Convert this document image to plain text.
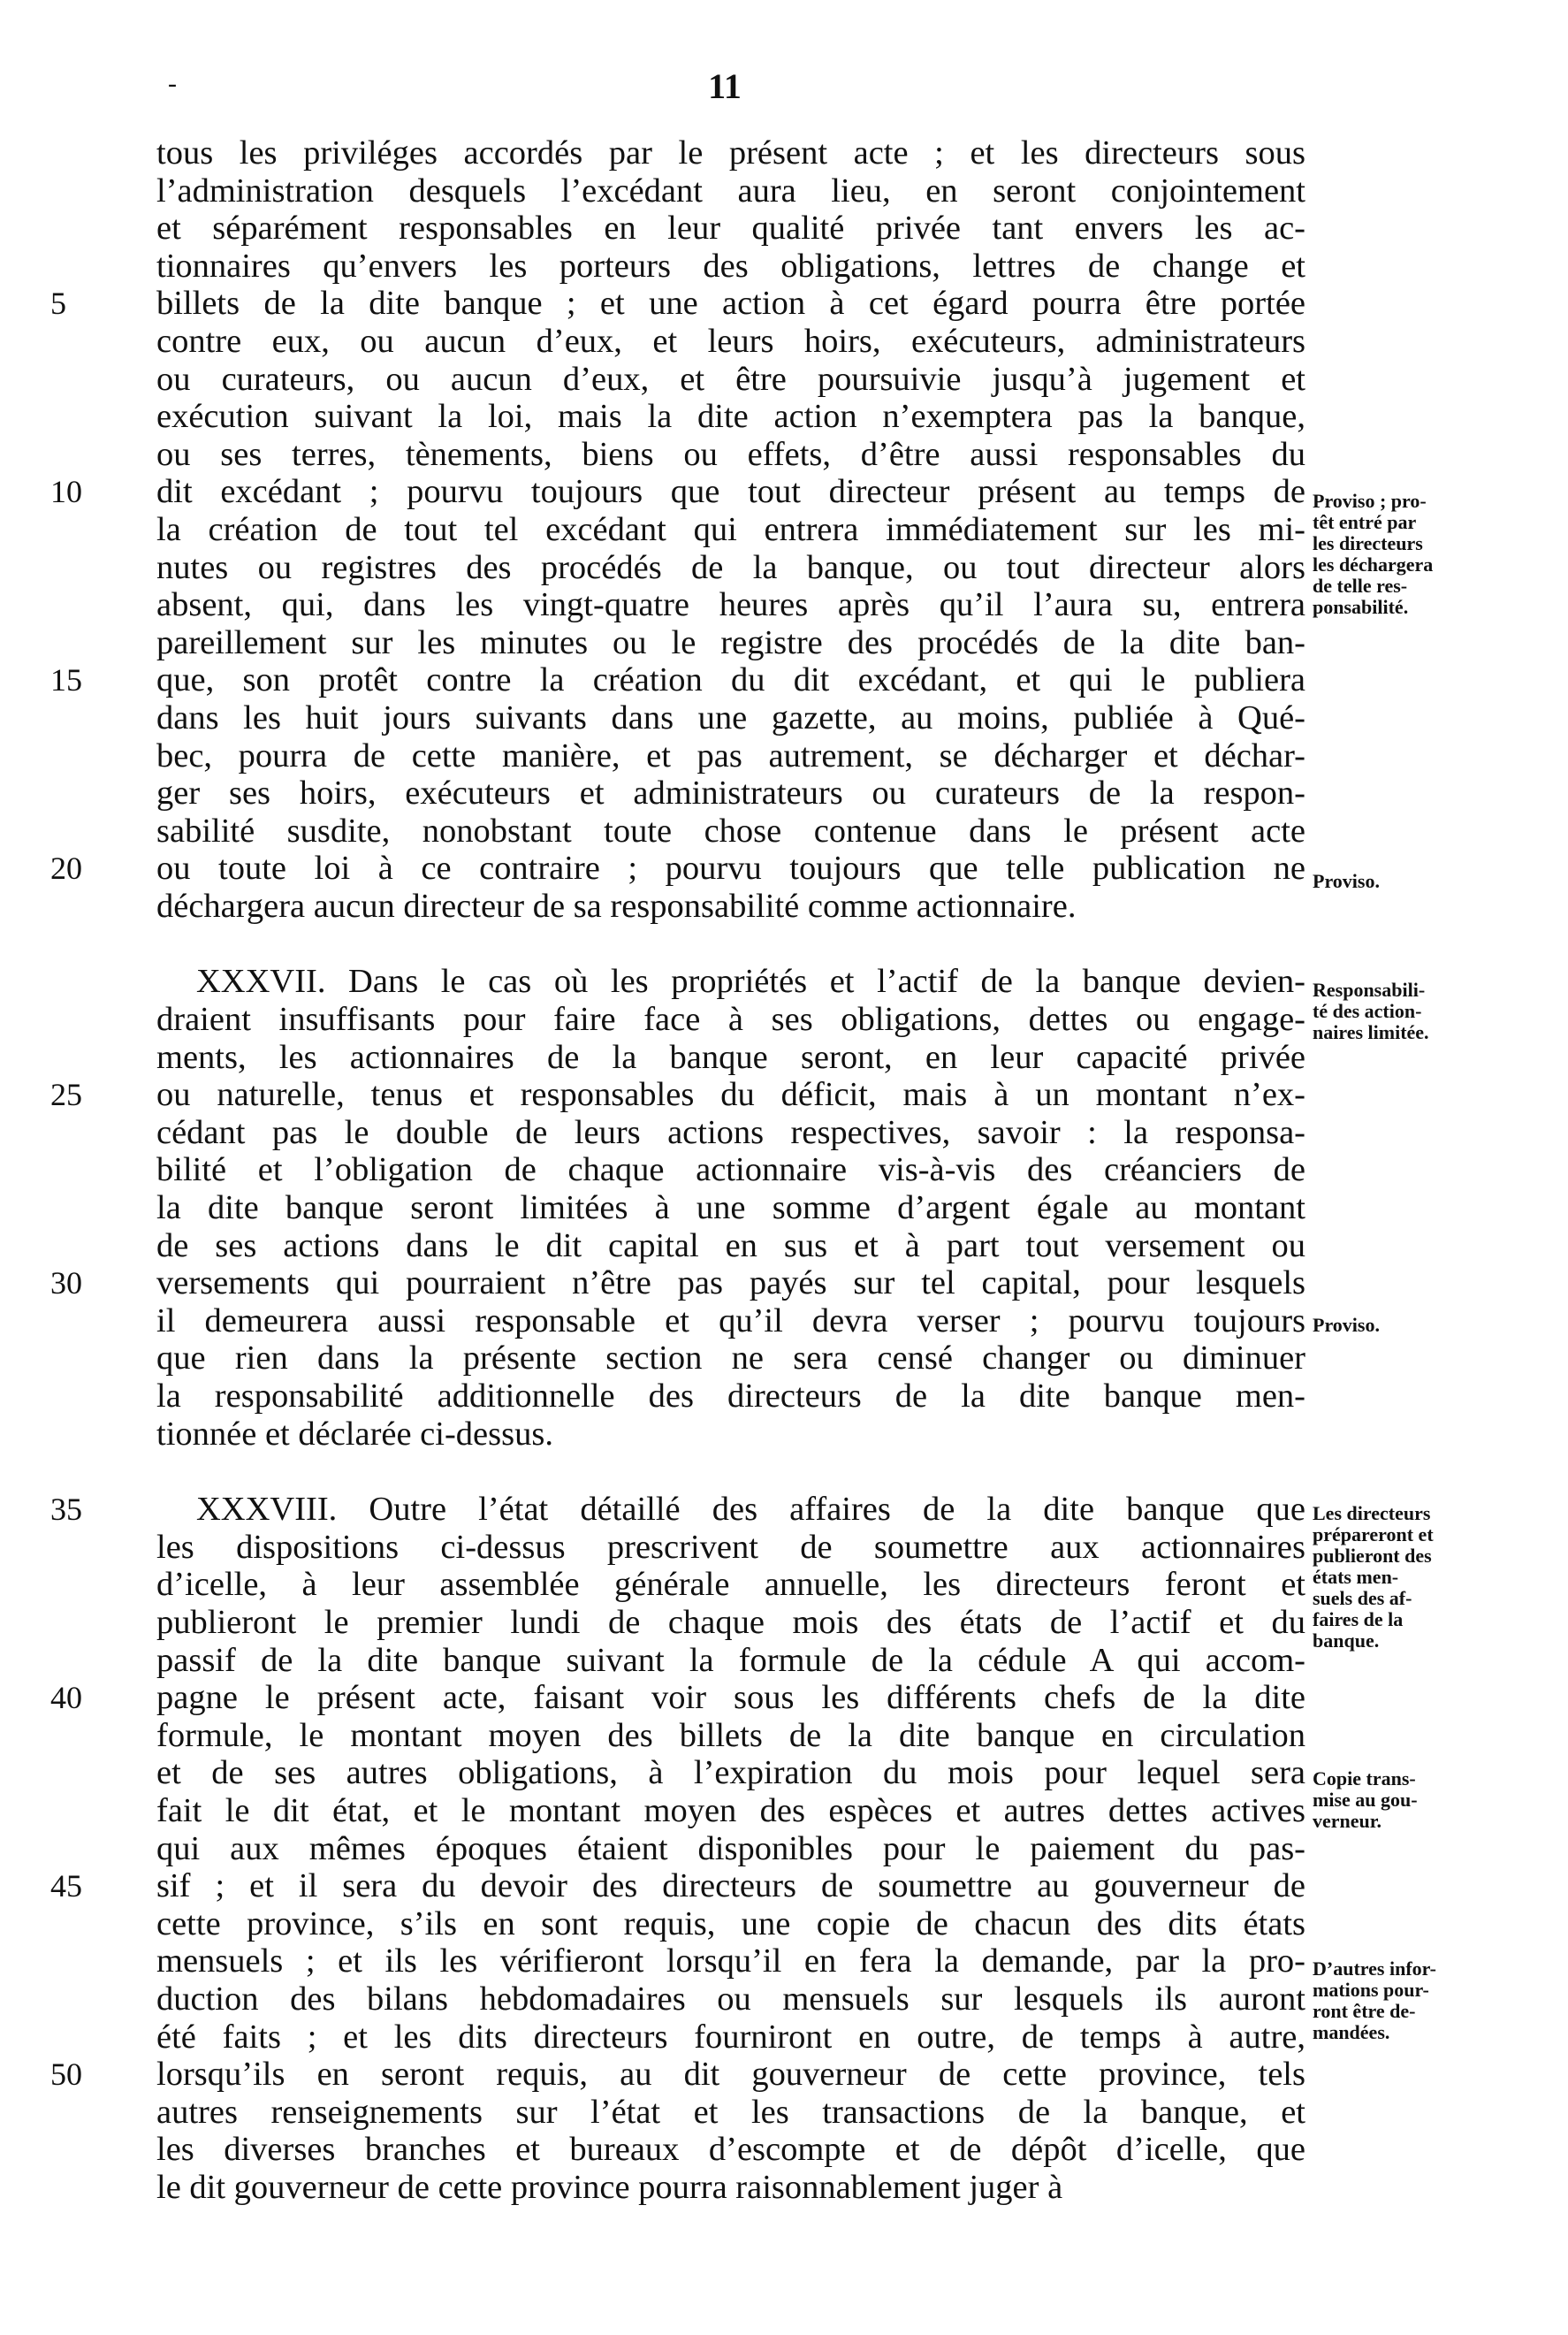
-	11
tous les priviléges accordés par le présent acte ; et les directeurs sous
l’administration desquels l’excédant aura lieu, en seront conjointement
et séparément responsables en leur qualité privée tant envers les ac-
tionnaires qu’envers les porteurs des obligations, lettres de change et
5	billets de la dite banque ; et une action à cet égard pourra être portée
contre eux, ou aucun d’eux, et leurs hoirs, exécuteurs, administrateurs
ou curateurs, ou aucun d’eux, et être poursuivie jusqu’à jugement et
exécution suivant la loi, mais la dite action n’exemptera pas la banque,
ou ses terres, tènements, biens ou effets, d’être aussi responsables du
10	dit excédant ; pourvu toujours que tout directeur présent au temps de
la création de tout tel excédant qui entrera immédiatement sur les mi-
nutes ou registres des procédés de la banque, ou tout directeur alors
absent, qui, dans les vingt-quatre heures après qu’il l’aura su, entrera
pareillement sur les minutes ou le registre des procédés de la dite ban-
15	que, son protêt contre la création du dit excédant, et qui le publiera
dans les huit jours suivants dans une gazette, au moins, publiée à Qué-
bec, pourra de cette manière, et pas autrement, se décharger et déchar-
ger ses hoirs, exécuteurs et administrateurs ou curateurs de la respon-
sabilité susdite, nonobstant toute chose contenue dans le présent acte
20	ou toute loi à ce contraire ; pourvu toujours que telle publication ne
déchargera aucun directeur de sa responsabilité comme actionnaire.
XXXVII. Dans le cas où les propriétés et l’actif de la banque devien-
draient insuffisants pour faire face à ses obligations, dettes ou engage-
ments, les actionnaires de la banque seront, en leur capacité privée
25	ou naturelle, tenus et responsables du déficit, mais à un montant n’ex-
cédant pas le double de leurs actions respectives, savoir : la responsa-
bilité et l’obligation de chaque actionnaire vis-à-vis des créanciers de
la dite banque seront limitées à une somme d’argent égale au montant
de ses actions dans le dit capital en sus et à part tout versement ou
30	versements qui pourraient n’être pas payés sur tel capital, pour lesquels
il demeurera aussi responsable et qu’il devra verser ; pourvu toujours
que rien dans la présente section ne sera censé changer ou diminuer
la responsabilité additionnelle des directeurs de la dite banque men-
tionnée et déclarée ci-dessus.
35	XXXVIII. Outre l’état détaillé des affaires de la dite banque que
les dispositions ci-dessus prescrivent de soumettre aux actionnaires
d’icelle, à leur assemblée générale annuelle, les directeurs feront et
publieront le premier lundi de chaque mois des états de l’actif et du
passif de la dite banque suivant la formule de la cédule A qui accom-
40	pagne le présent acte, faisant voir sous les différents chefs de la dite
formule, le montant moyen des billets de la dite banque en circulation
et de ses autres obligations, à l’expiration du mois pour lequel sera
fait le dit état, et le montant moyen des espèces et autres dettes actives
qui aux mêmes époques étaient disponibles pour le paiement du pas-
45	sif ; et il sera du devoir des directeurs de soumettre au gouverneur de
cette province, s’ils en sont requis, une copie de chacun des dits états
mensuels ; et ils les vérifieront lorsqu’il en fera la demande, par la pro-
duction des bilans hebdomadaires ou mensuels sur lesquels ils auront
été faits ; et les dits directeurs fourniront en outre, de temps à autre,
50	lorsqu’ils en seront requis, au dit gouverneur de cette province, tels
autres renseignements sur l’état et les transactions de la banque, et
les diverses branches et bureaux d’escompte et de dépôt d’icelle, que
le dit gouverneur de cette province pourra raisonnablement juger à
Proviso ; pro-
têt entré par
les directeurs
les déchargera
de telle res-
ponsabilité.
Proviso.
Responsabili-
té des action-
naires limitée.
Proviso.
Les directeurs
prépareront et
publieront des
états men-
suels des af-
faires de la
banque.
Copie trans-
mise au gou-
verneur.
D’autres infor-
mations pour-
ront être de-
mandées.
